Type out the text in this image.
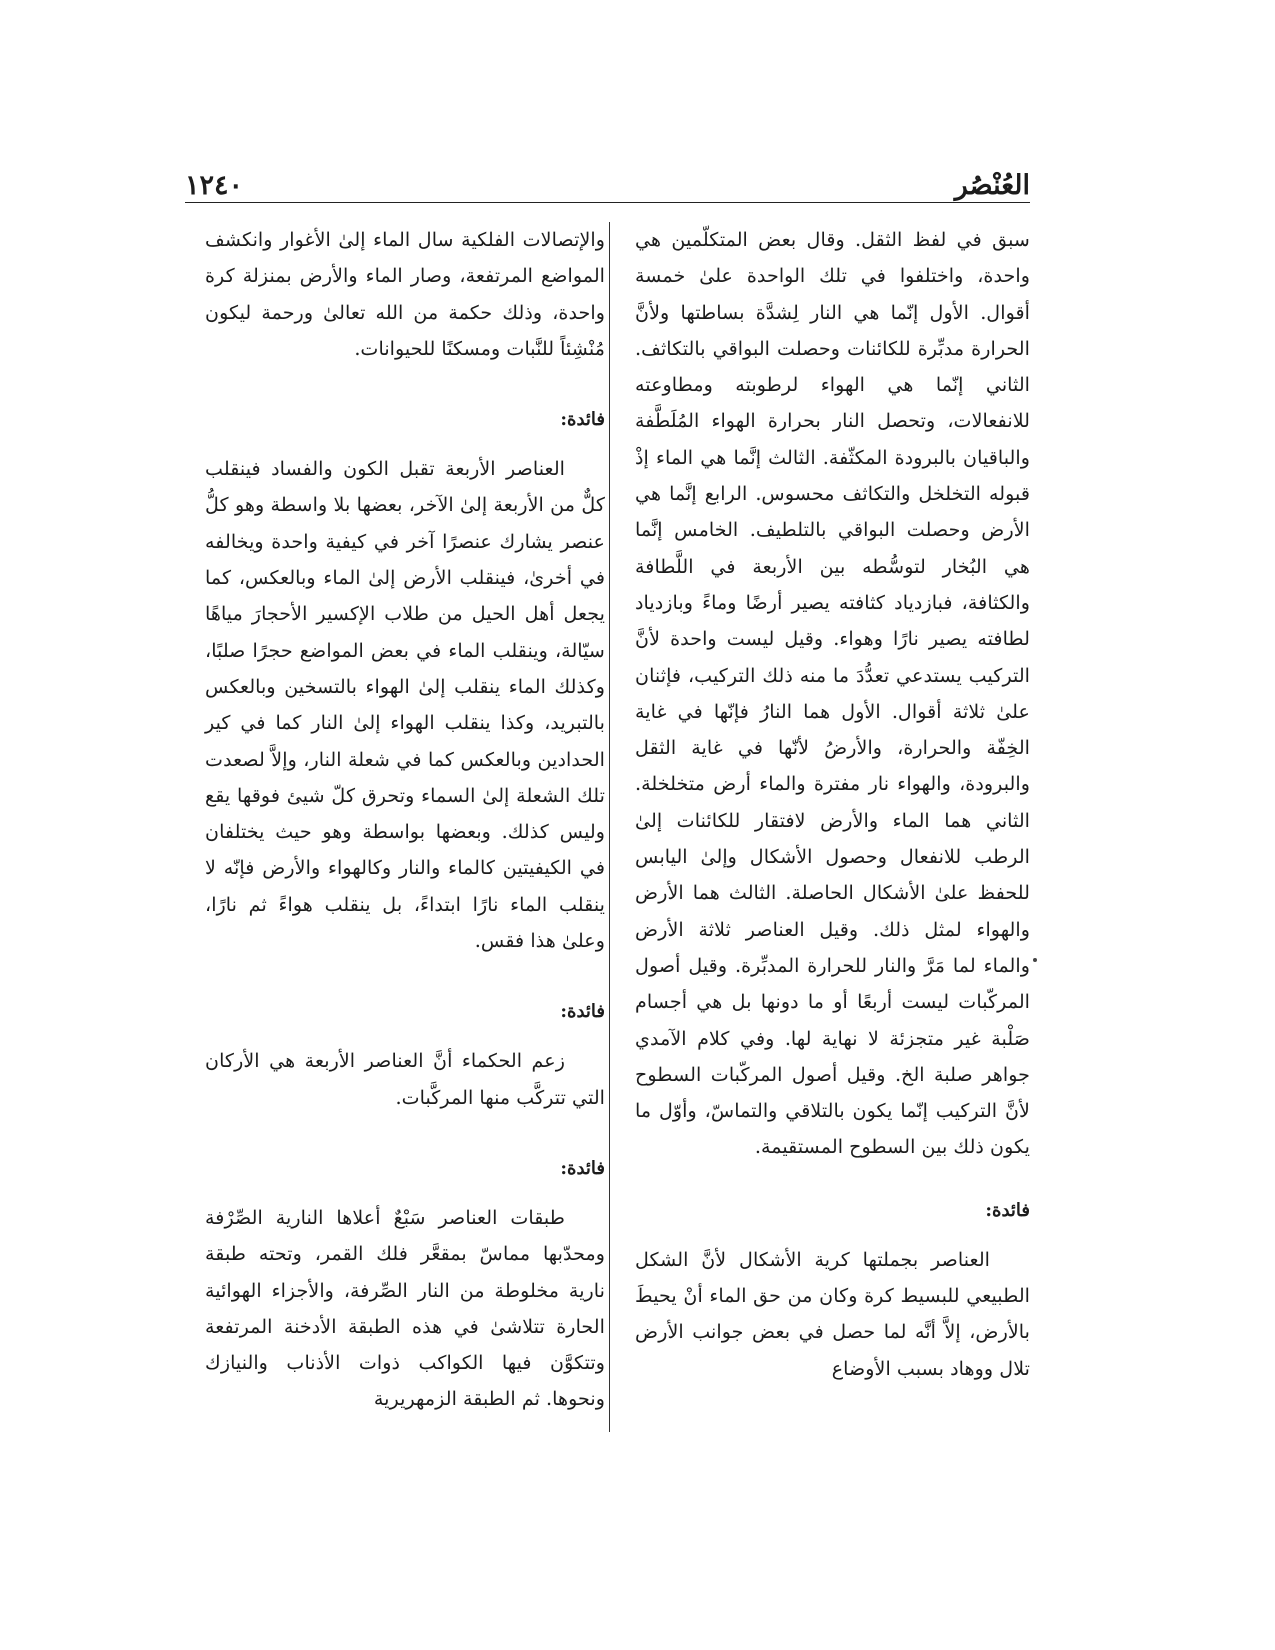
العُنْصُر
١٢٤٠

سبق في لفظ الثقل. وقال بعض المتكلّمين هي واحدة، واختلفوا في تلك الواحدة علىٰ خمسة أقوال. الأول إنّما هي النار لِشدَّة بساطتها ولأنَّ الحرارة مدبِّرة للكائنات وحصلت البواقي بالتكاثف. الثاني إنّما هي الهواء لرطوبته ومطاوعته للانفعالات، وتحصل النار بحرارة الهواء المُلَطَّفة والباقيان بالبرودة المكثّفة. الثالث إنَّما هي الماء إذْ قبوله التخلخل والتكاثف محسوس. الرابع إنَّما هي الأرض وحصلت البواقي بالتلطيف. الخامس إنَّما هي البُخار لتوسُّطه بين الأربعة في اللَّطافة والكثافة، فبازدياد كثافته يصير أرضًا وماءً وبازدياد لطافته يصير نارًا وهواء. وقيل ليست واحدة لأنَّ التركيب يستدعي تعدُّدَ ما منه ذلك التركيب، فإثنان علىٰ ثلاثة أقوال. الأول هما النارُ فإنّها في غاية الخِفّة والحرارة، والأرضُ لأنّها في غاية الثقل والبرودة، والهواء نار مفترة والماء أرض متخلخلة. الثاني هما الماء والأرض لافتقار للكائنات إلىٰ الرطب للانفعال وحصول الأشكال وإلىٰ اليابس للحفظ علىٰ الأشكال الحاصلة. الثالث هما الأرض والهواء لمثل ذلك. وقيل العناصر ثلاثة الأرض والماء لما مَرَّ والنار للحرارة المدبِّرة. وقيل أصول المركّبات ليست أربعًا أو ما دونها بل هي أجسام صَلْبة غير متجزئة لا نهاية لها. وفي كلام الآمدي جواهر صلبة الخ. وقيل أصول المركّبات السطوح لأنَّ التركيب إنّما يكون بالتلاقي والتماسّ، وأوّل ما يكون ذلك بين السطوح المستقيمة.

فائدة:

العناصر بجملتها كرية الأشكال لأنَّ الشكل الطبيعي للبسيط كرة وكان من حق الماء أنْ يحيطَ بالأرض، إلاَّ أنَّه لما حصل في بعض جوانب الأرض تلال ووهاد بسبب الأوضاع

والإتصالات الفلكية سال الماء إلىٰ الأغوار وانكشف المواضع المرتفعة، وصار الماء والأرض بمنزلة كرة واحدة، وذلك حكمة من الله تعالىٰ ورحمة ليكون مُنْشِئاً للنَّبات ومسكنًا للحيوانات.

فائدة:

العناصر الأربعة تقبل الكون والفساد فينقلب كلٌّ من الأربعة إلىٰ الآخر، بعضها بلا واسطة وهو كلُّ عنصر يشارك عنصرًا آخر في كيفية واحدة ويخالفه في أخرىٰ، فينقلب الأرض إلىٰ الماء وبالعكس، كما يجعل أهل الحيل من طلاب الإكسير الأحجارَ مياهًا سيّالة، وينقلب الماء في بعض المواضع حجرًا صلبًا، وكذلك الماء ينقلب إلىٰ الهواء بالتسخين وبالعكس بالتبريد، وكذا ينقلب الهواء إلىٰ النار كما في كير الحدادين وبالعكس كما في شعلة النار، وإلاَّ لصعدت تلك الشعلة إلىٰ السماء وتحرق كلّ شيئ فوقها يقع وليس كذلك. وبعضها بواسطة وهو حيث يختلفان في الكيفيتين كالماء والنار وكالهواء والأرض فإنّه لا ينقلب الماء نارًا ابتداءً، بل ينقلب هواءً ثم نارًا، وعلىٰ هذا فقس.

فائدة:

زعم الحكماء أنَّ العناصر الأربعة هي الأركان التي تتركَّب منها المركَّبات.

فائدة:

طبقات العناصر سَبْعٌ أعلاها النارية الصِّرْفة ومحدّبها مماسّ بمقعَّر فلك القمر، وتحته طبقة نارية مخلوطة من النار الصِّرفة، والأجزاء الهوائية الحارة تتلاشىٰ في هذه الطبقة الأدخنة المرتفعة وتتكوَّن فيها الكواكب ذوات الأذناب والنيازك ونحوها. ثم الطبقة الزمهريرية
